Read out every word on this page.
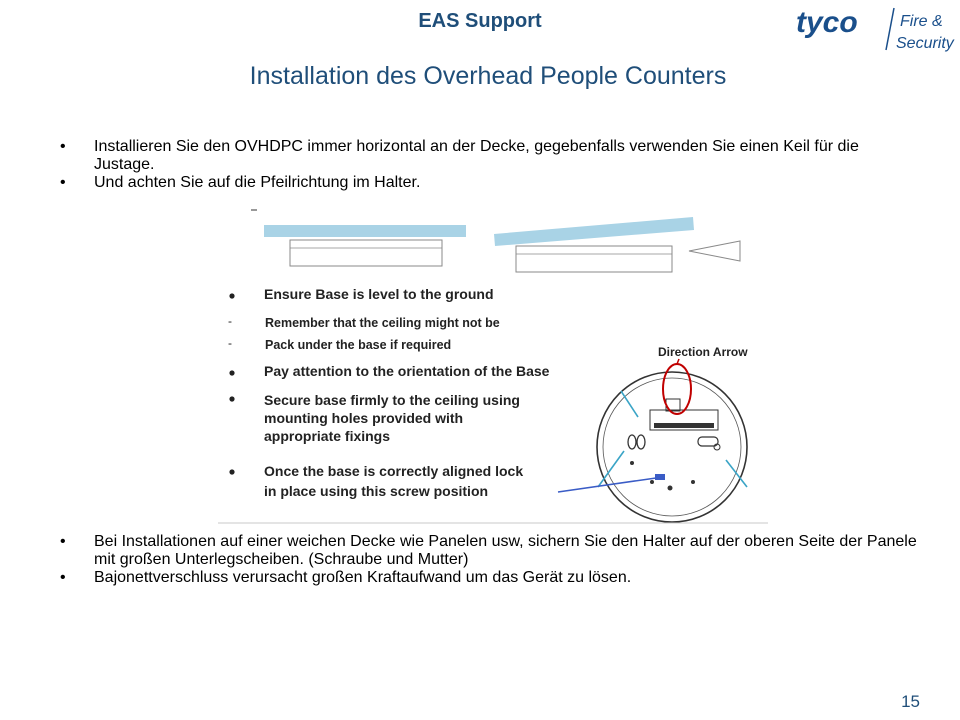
EAS Support	tyco	Fire &
Security
Installation des Overhead People Counters

• Installieren Sie den OVHDPC immer horizontal an der Decke, gegebenfalls verwenden Sie einen Keil für die Justage.

• Und achten Sie auf die Pfeilrichtung im Halter.

Ensure Base is level to the ground
-	Remember that the ceiling might not be
-	Pack under the base if required
Pay attention to the orientation of the Base
Secure base firmly to the ceiling using
mounting holes provided with
appropriate fixings
Once the base is correctly aligned lock
in place using this screw position
Direction Arrow

• Bei Installationen auf einer weichen Decke wie Panelen usw, sichern Sie den Halter auf der oberen Seite der Panele mit großen Unterlegscheiben. (Schraube und Mutter)

• Bajonettverschluss verursacht großen Kraftaufwand um das Gerät zu lösen.

15
